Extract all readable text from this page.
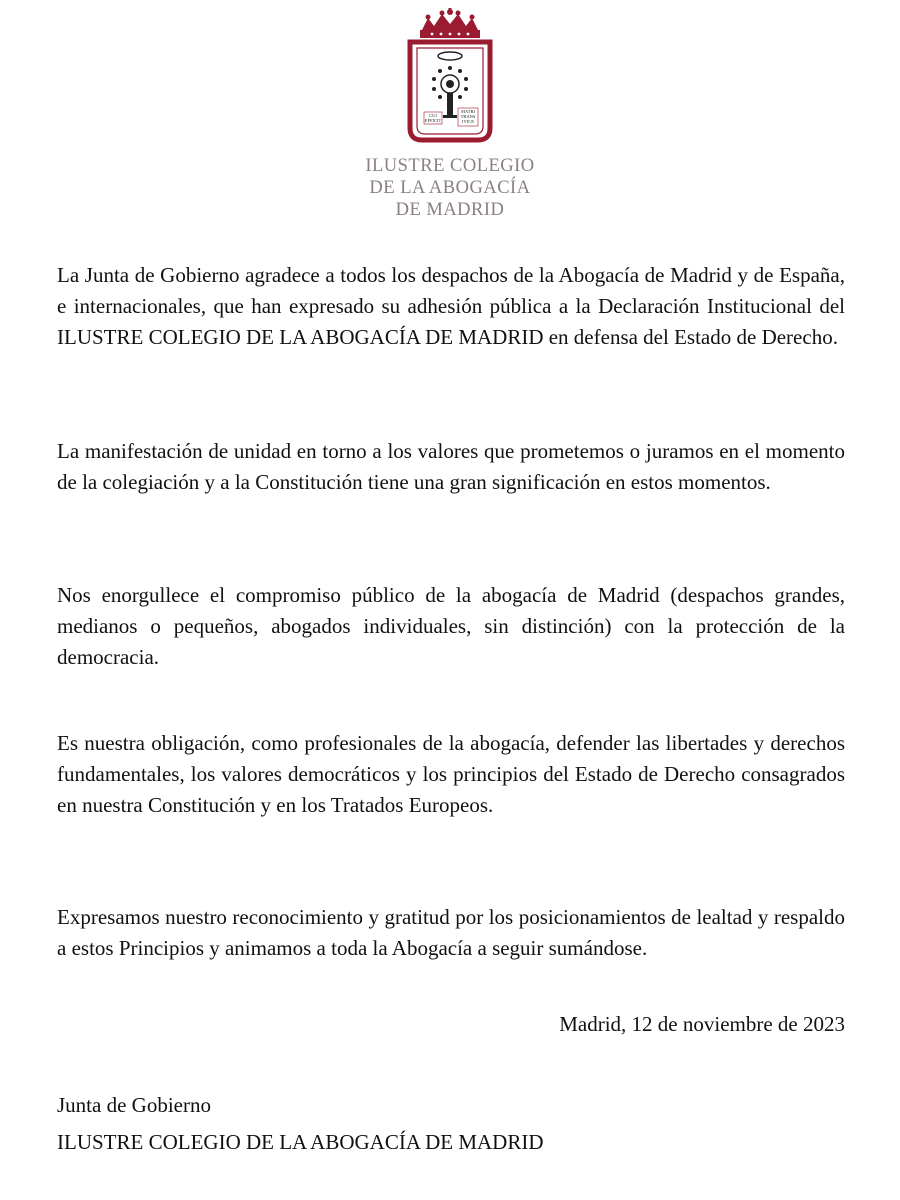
CUI
EFFICIT
MATRI
TRANS
IVICE
ILUSTRE COLEGIO
DE LA ABOGACÍA
DE MADRID

La Junta de Gobierno agradece a todos los despachos de la Abogacía de Madrid y de España, e internacionales, que han expresado su adhesión pública a la Declaración Institucional del ILUSTRE COLEGIO DE LA ABOGACÍA DE MADRID en defensa del Estado de Derecho.

La manifestación de unidad en torno a los valores que prometemos o juramos en el momento de la colegiación y a la Constitución tiene una gran significación en estos momentos.

Nos enorgullece el compromiso público de la abogacía de Madrid (despachos grandes, medianos o pequeños, abogados individuales, sin distinción) con la protección de la democracia.

Es nuestra obligación, como profesionales de la abogacía, defender las libertades y derechos fundamentales, los valores democráticos y los principios del Estado de Derecho consagrados en nuestra Constitución y en los Tratados Europeos.

Expresamos nuestro reconocimiento y gratitud por los posicionamientos de lealtad y respaldo a estos Principios y animamos a toda la Abogacía a seguir sumándose.

Madrid, 12 de noviembre de 2023

Junta de Gobierno

ILUSTRE COLEGIO DE LA ABOGACÍA DE MADRID
